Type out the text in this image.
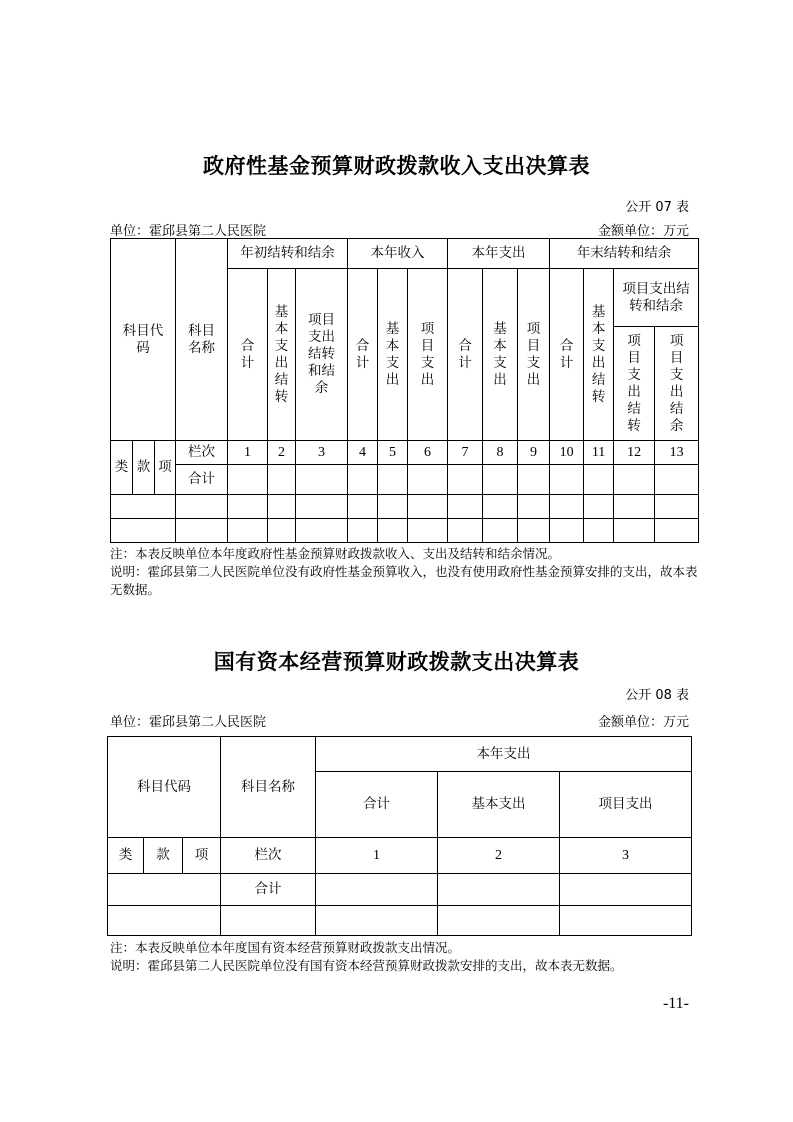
政府性基金预算财政拨款收入支出决算表
公开 07 表
单位：霍邱县第二人民医院	金额单位：万元
科目代码			科目名称	年初结转和结余			本年收入			本年支出			年末结转和结余			

				合计	基本支出结转	项目支出结转和结余	合计	基本支出	项目支出	合计	基本支出	项目支出	合计	基本支出结转	项目支出结转和结余	

															项目支出结转	项目支出结余

类	款	项	栏次	1	2	3	4	5	6	7	8	9	10	11	12	13
			合计													

注：本表反映单位本年度政府性基金预算财政拨款收入、支出及结转和结余情况。
说明：霍邱县第二人民医院单位没有政府性基金预算收入，也没有使用政府性基金预算安排的支出，故本表无数据。
国有资本经营预算财政拨款支出决算表
公开 08 表
单位：霍邱县第二人民医院	金额单位：万元
科目代码			科目名称	本年支出		
				合计	基本支出	项目支出
类	款	项	栏次	1	2	3
			合计			

注：本表反映单位本年度国有资本经营预算财政拨款支出情况。
说明：霍邱县第二人民医院单位没有国有资本经营预算财政拨款安排的支出，故本表无数据。
-11-
